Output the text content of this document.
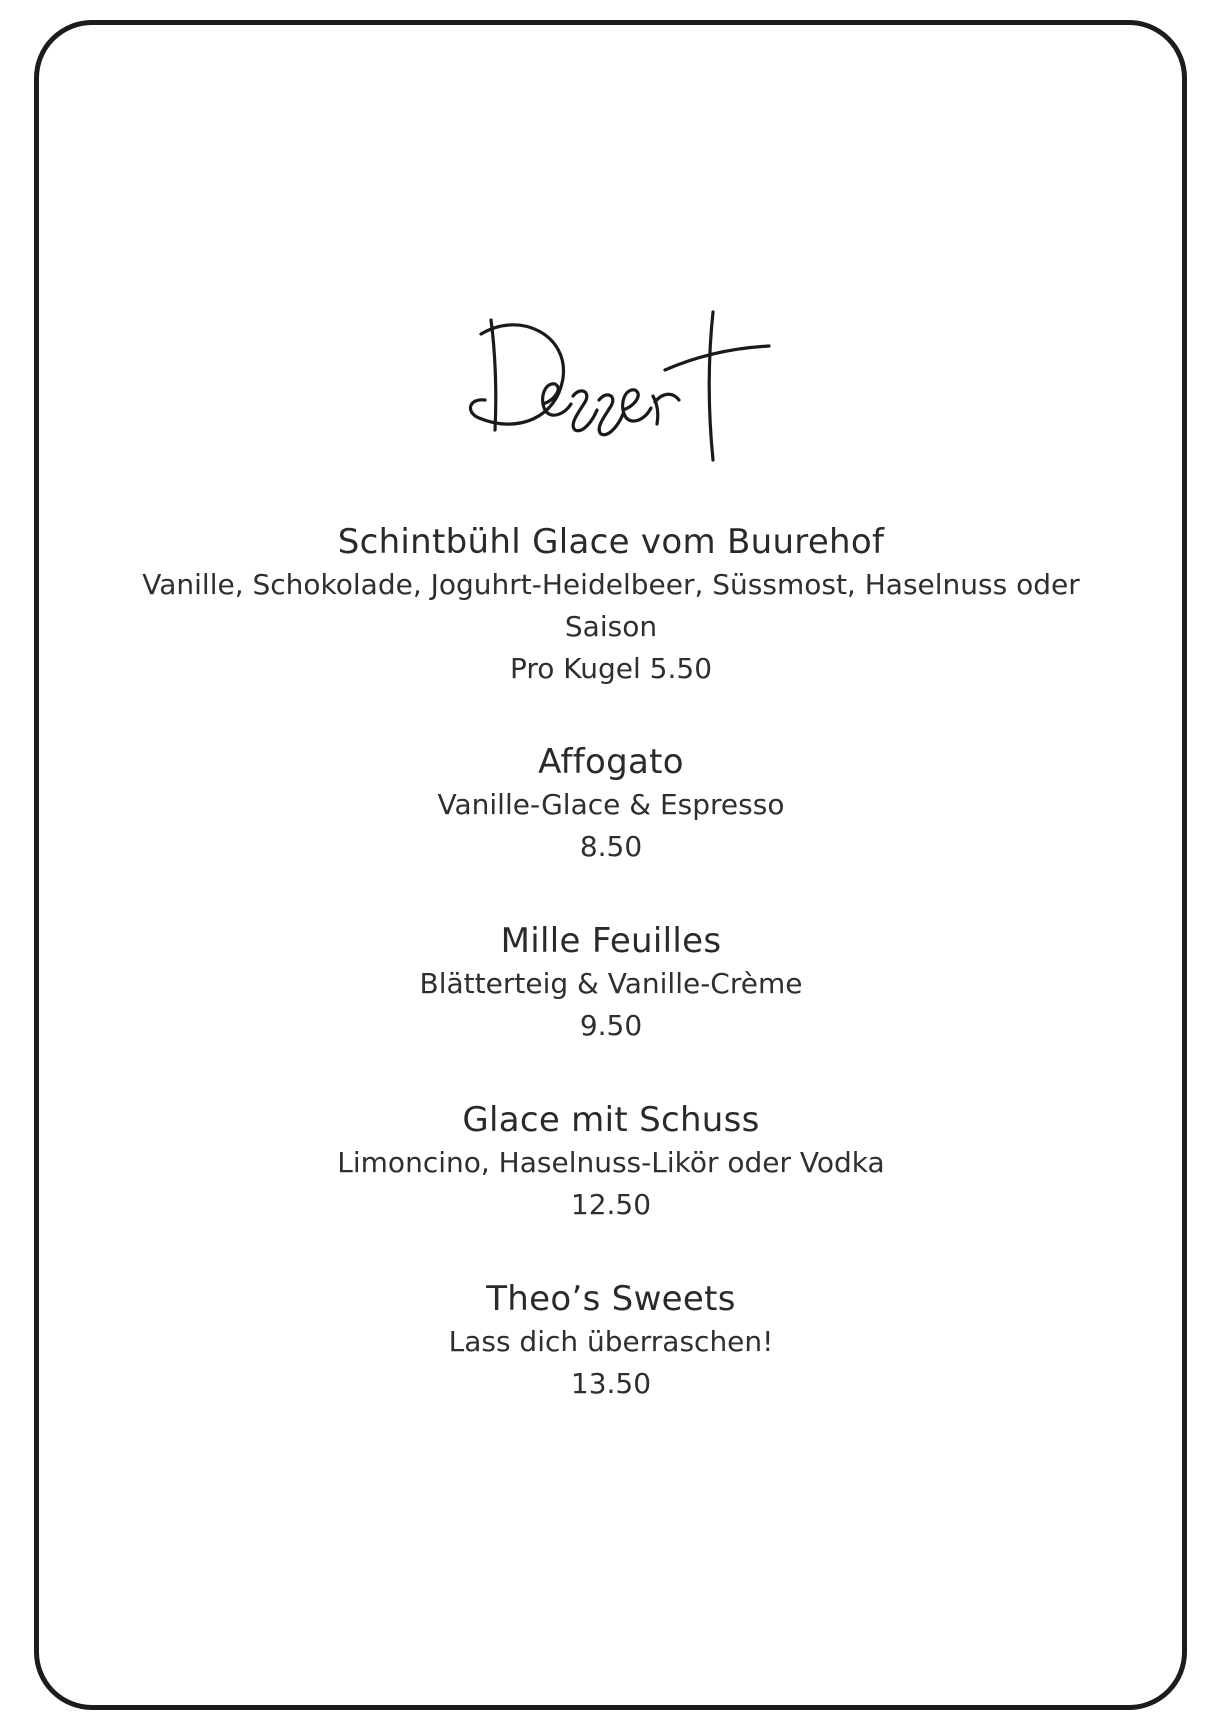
Schintbühl Glace vom Buurehof
Vanille, Schokolade, Joguhrt-Heidelbeer, Süssmost, Haselnuss oder Saison
Pro Kugel 5.50
Affogato
Vanille-Glace & Espresso
8.50
Mille Feuilles
Blätterteig & Vanille-Crème
9.50
Glace mit Schuss
Limoncino, Haselnuss-Likör oder Vodka
12.50
Theo’s Sweets
Lass dich überraschen!
13.50
